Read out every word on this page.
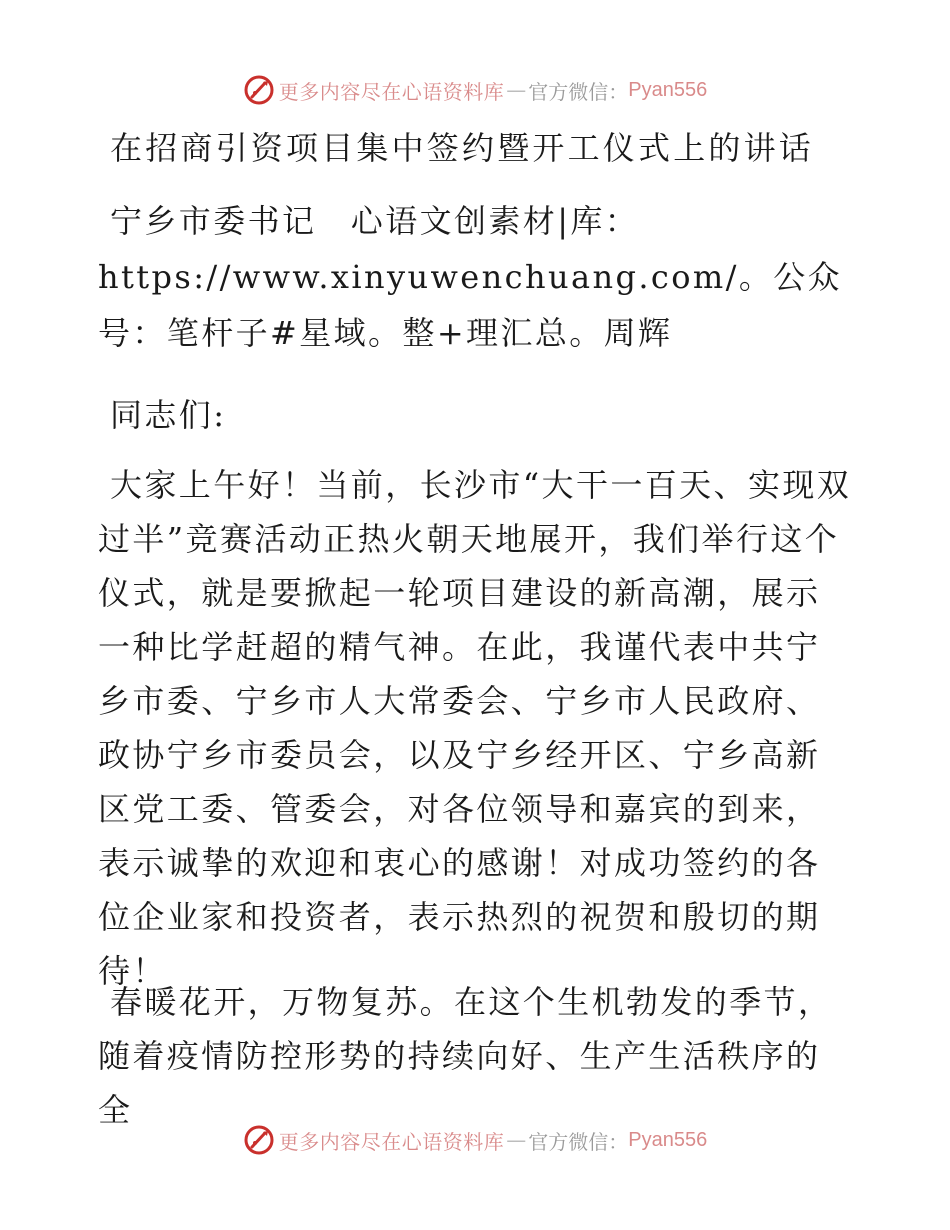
更多内容尽在心语资料库 — 官方微信： Pyan556
在招商引资项目集中签约暨开工仪式上的讲话

宁乡市委书记　心语文创素材|库：https://www.xinyuwenchuang.com/。公众号：笔杆子#星域。整+理汇总。周辉

同志们:

大家上午好！当前，长沙市“大干一百天、实现双过半”竞赛活动正热火朝天地展开，我们举行这个仪式，就是要掀起一轮项目建设的新高潮，展示一种比学赶超的精气神。在此，我谨代表中共宁乡市委、宁乡市人大常委会、宁乡市人民政府、政协宁乡市委员会，以及宁乡经开区、宁乡高新区党工委、管委会，对各位领导和嘉宾的到来，表示诚挚的欢迎和衷心的感谢！对成功签约的各位企业家和投资者，表示热烈的祝贺和殷切的期待！

春暖花开，万物复苏。在这个生机勃发的季节，随着疫情防控形势的持续向好、生产生活秩序的全

更多内容尽在心语资料库 — 官方微信： Pyan556
